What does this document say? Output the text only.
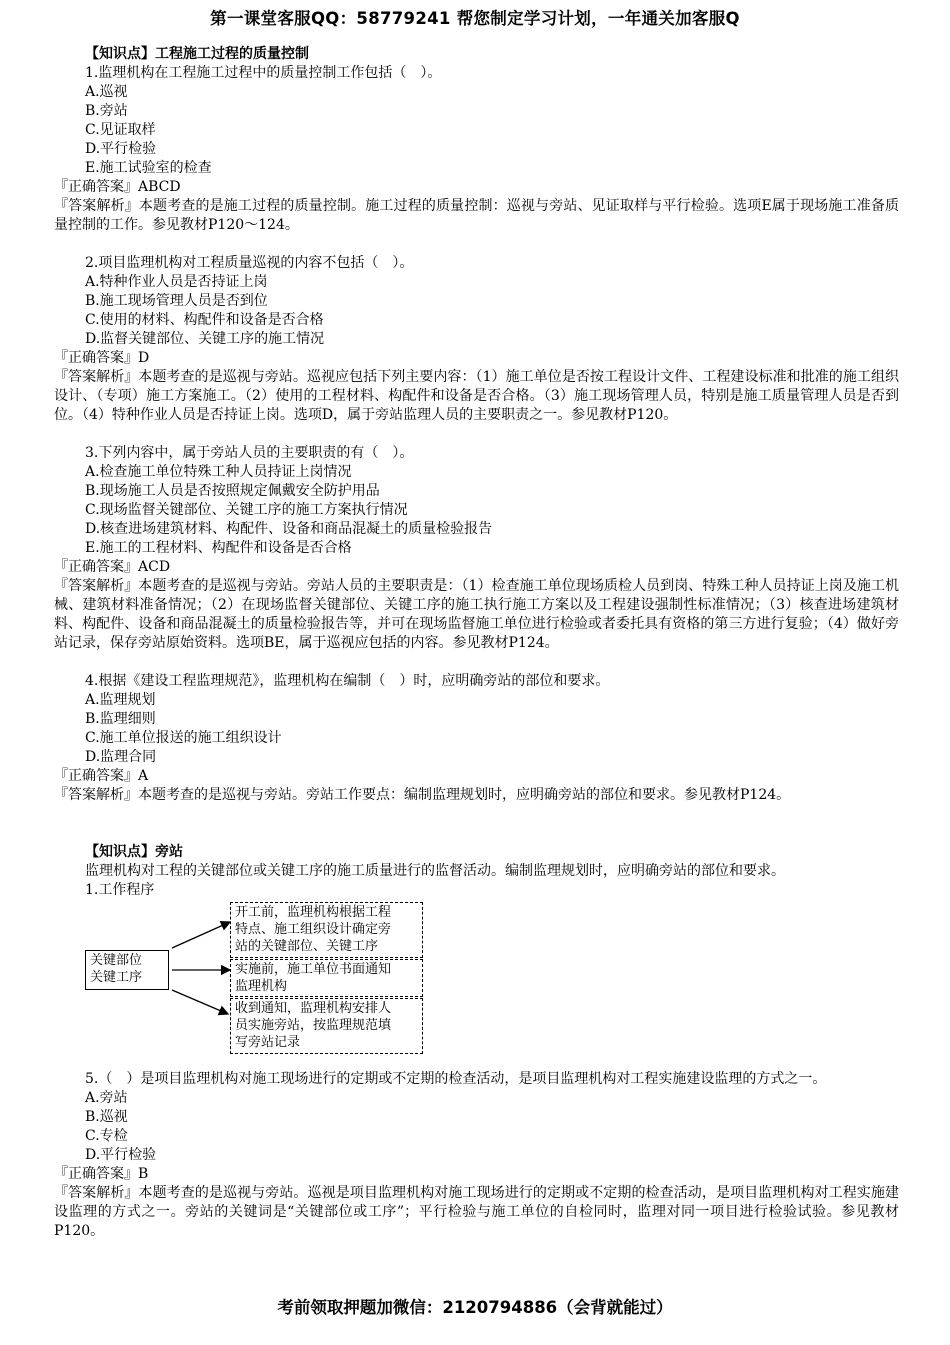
第一课堂客服QQ：58779241 帮您制定学习计划，一年通关加客服Q
【知识点】工程施工过程的质量控制
1.监理机构在工程施工过程中的质量控制工作包括（　）。
A.巡视
B.旁站
C.见证取样
D.平行检验
E.施工试验室的检查
『正确答案』ABCD
『答案解析』本题考查的是施工过程的质量控制。施工过程的质量控制：巡视与旁站、见证取样与平行检验。选项E属于现场施工准备质量控制的工作。参见教材P120～124。
2.项目监理机构对工程质量巡视的内容不包括（　）。
A.特种作业人员是否持证上岗
B.施工现场管理人员是否到位
C.使用的材料、构配件和设备是否合格
D.监督关键部位、关键工序的施工情况
『正确答案』D
『答案解析』本题考查的是巡视与旁站。巡视应包括下列主要内容：（1）施工单位是否按工程设计文件、工程建设标准和批准的施工组织设计、（专项）施工方案施工。（2）使用的工程材料、构配件和设备是否合格。（3）施工现场管理人员，特别是施工质量管理人员是否到位。（4）特种作业人员是否持证上岗。选项D，属于旁站监理人员的主要职责之一。参见教材P120。
3.下列内容中，属于旁站人员的主要职责的有（　）。
A.检查施工单位特殊工种人员持证上岗情况
B.现场施工人员是否按照规定佩戴安全防护用品
C.现场监督关键部位、关键工序的施工方案执行情况
D.核查进场建筑材料、构配件、设备和商品混凝土的质量检验报告
E.施工的工程材料、构配件和设备是否合格
『正确答案』ACD
『答案解析』本题考查的是巡视与旁站。旁站人员的主要职责是：（1）检查施工单位现场质检人员到岗、特殊工种人员持证上岗及施工机械、建筑材料准备情况；（2）在现场监督关键部位、关键工序的施工执行施工方案以及工程建设强制性标准情况；（3）核查进场建筑材料、构配件、设备和商品混凝土的质量检验报告等，并可在现场监督施工单位进行检验或者委托具有资格的第三方进行复验；（4）做好旁站记录，保存旁站原始资料。选项BE，属于巡视应包括的内容。参见教材P124。
4.根据《建设工程监理规范》，监理机构在编制（　）时，应明确旁站的部位和要求。
A.监理规划
B.监理细则
C.施工单位报送的施工组织设计
D.监理合同
『正确答案』A
『答案解析』本题考查的是巡视与旁站。旁站工作要点：编制监理规划时，应明确旁站的部位和要求。参见教材P124。
【知识点】旁站
监理机构对工程的关键部位或关键工序的施工质量进行的监督活动。编制监理规划时，应明确旁站的部位和要求。
1.工作程序
关键部位
关键工序
开工前，监理机构根据工程
特点、施工组织设计确定旁
站的关键部位、关键工序
实施前，施工单位书面通知
监理机构
收到通知，监理机构安排人
员实施旁站，按监理规范填
写旁站记录
5.（　）是项目监理机构对施工现场进行的定期或不定期的检查活动，是项目监理机构对工程实施建设监理的方式之一。
A.旁站
B.巡视
C.专检
D.平行检验
『正确答案』B
『答案解析』本题考查的是巡视与旁站。巡视是项目监理机构对施工现场进行的定期或不定期的检查活动，是项目监理机构对工程实施建设监理的方式之一。旁站的关键词是“关键部位或工序”；平行检验与施工单位的自检同时，监理对同一项目进行检验试验。参见教材P120。
考前领取押题加微信：2120794886（会背就能过）
